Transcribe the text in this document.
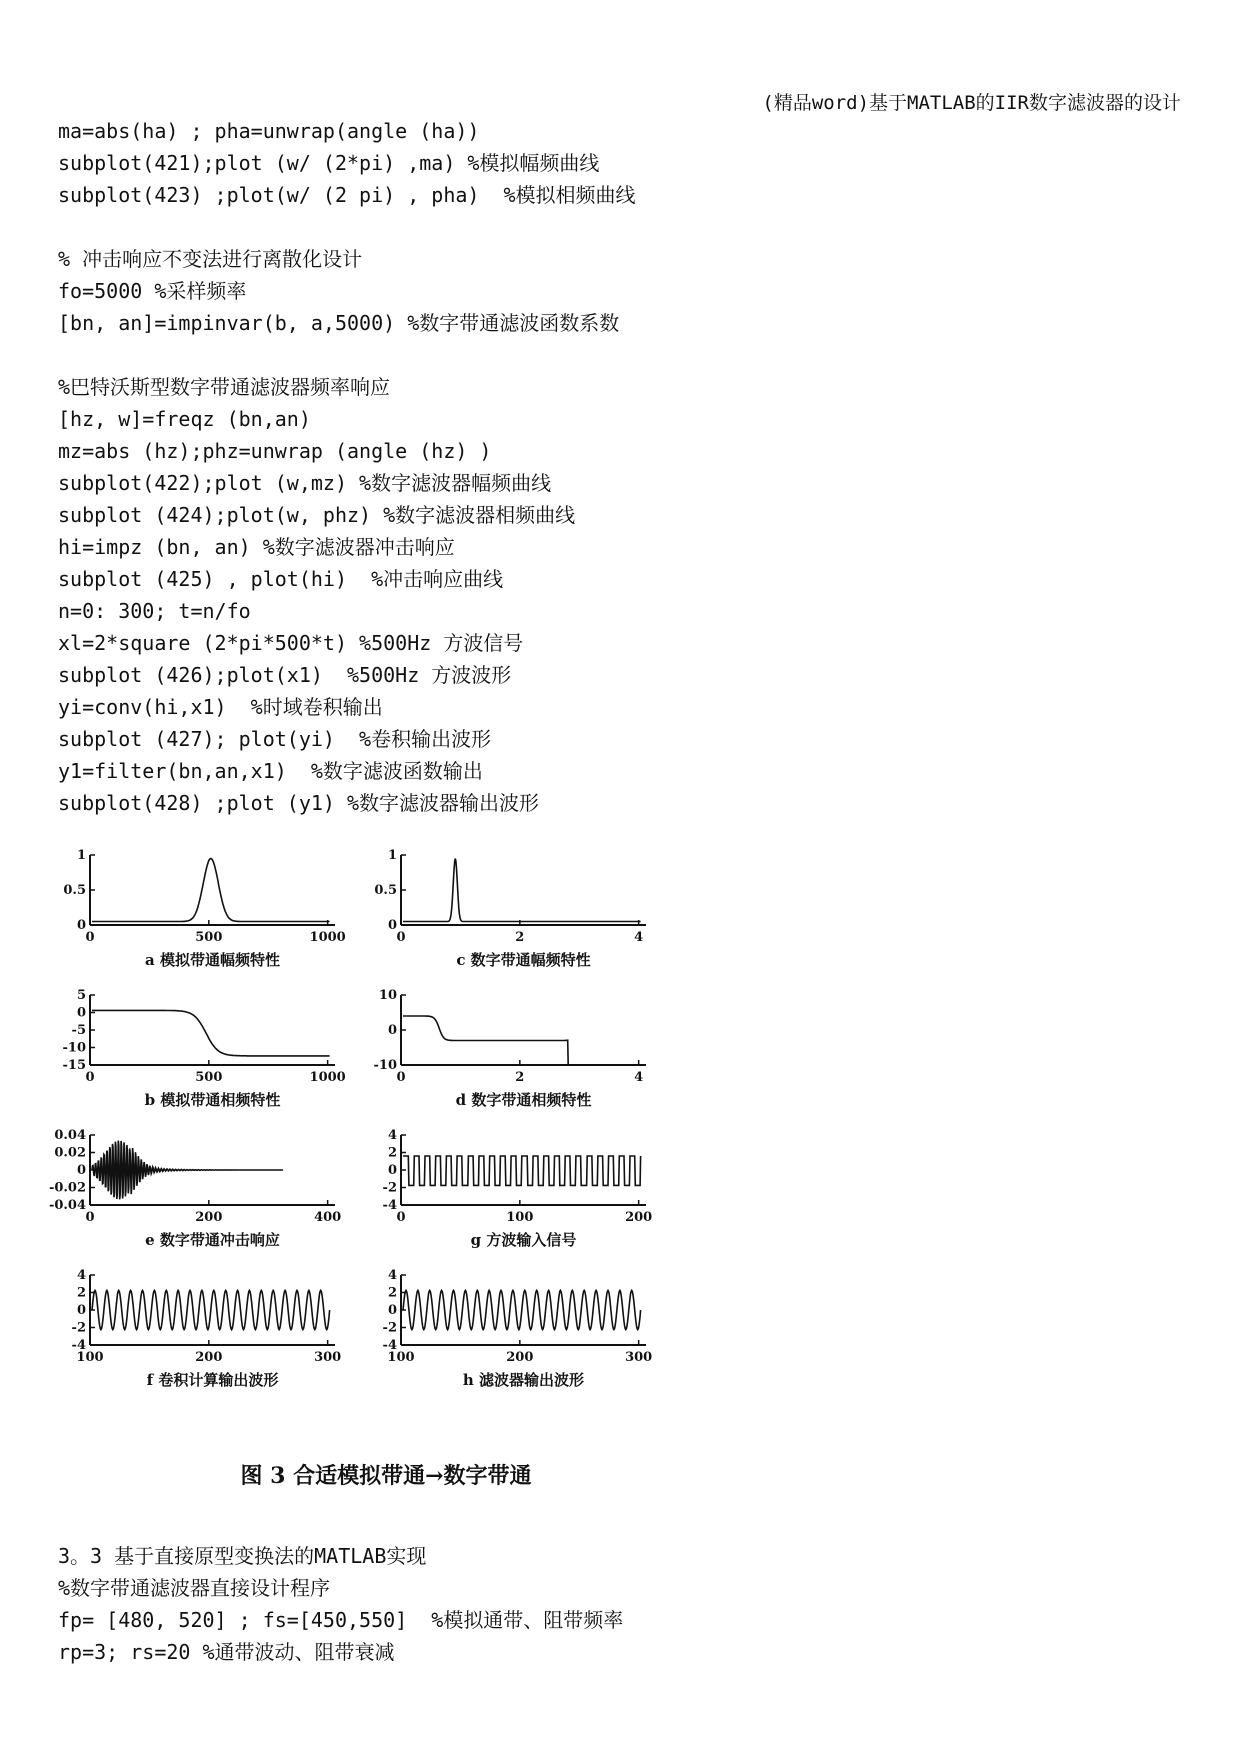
(精品word)基于MATLAB的IIR数字滤波器的设计
ma=abs(ha) ; pha=unwrap(angle (ha))
subplot(421);plot (w/ (2*pi) ,ma) %模拟幅频曲线
subplot(423) ;plot(w/ (2 pi) , pha)  %模拟相频曲线
% 冲击响应不变法进行离散化设计
fo=5000 %采样频率
[bn, an]=impinvar(b, a,5000) %数字带通滤波函数系数
%巴特沃斯型数字带通滤波器频率响应
[hz, w]=freqz (bn,an)
mz=abs (hz);phz=unwrap (angle (hz) )
subplot(422);plot (w,mz) %数字滤波器幅频曲线
subplot (424);plot(w, phz) %数字滤波器相频曲线
hi=impz (bn, an) %数字滤波器冲击响应
subplot (425) , plot(hi)  %冲击响应曲线
n=0: 300; t=n/fo
xl=2*square (2*pi*500*t) %500Hz 方波信号
subplot (426);plot(x1)  %500Hz 方波波形
yi=conv(hi,x1)  %时域卷积输出
subplot (427); plot(yi)  %卷积输出波形
y1=filter(bn,an,x1)  %数字滤波函数输出
subplot(428) ;plot (y1) %数字滤波器输出波形
1
0.5
0
0	500	1000
a 模拟带通幅频特性
1
0.5
0
0	2	4
c 数字带通幅频特性
5
0
-5
-10
-15
0	500	1000
b 模拟带通相频特性
10
0
-10
0	2	4
d 数字带通相频特性
0.04
0.02
0
-0.02
-0.04
0	200	400
e 数字带通冲击响应
4
2
0
-2
-4
0	100	200
g 方波输入信号
4
2
0
-2
-4
100	200	300
f 卷积计算输出波形
4
2
0
-2
-4
100	200	300
h 滤波器输出波形
图 3 合适模拟带通→数字带通
3。3 基于直接原型变换法的MATLAB实现
%数字带通滤波器直接设计程序
fp= [480, 520] ; fs=[450,550]  %模拟通带、阻带频率
rp=3; rs=20 %通带波动、阻带衰减
